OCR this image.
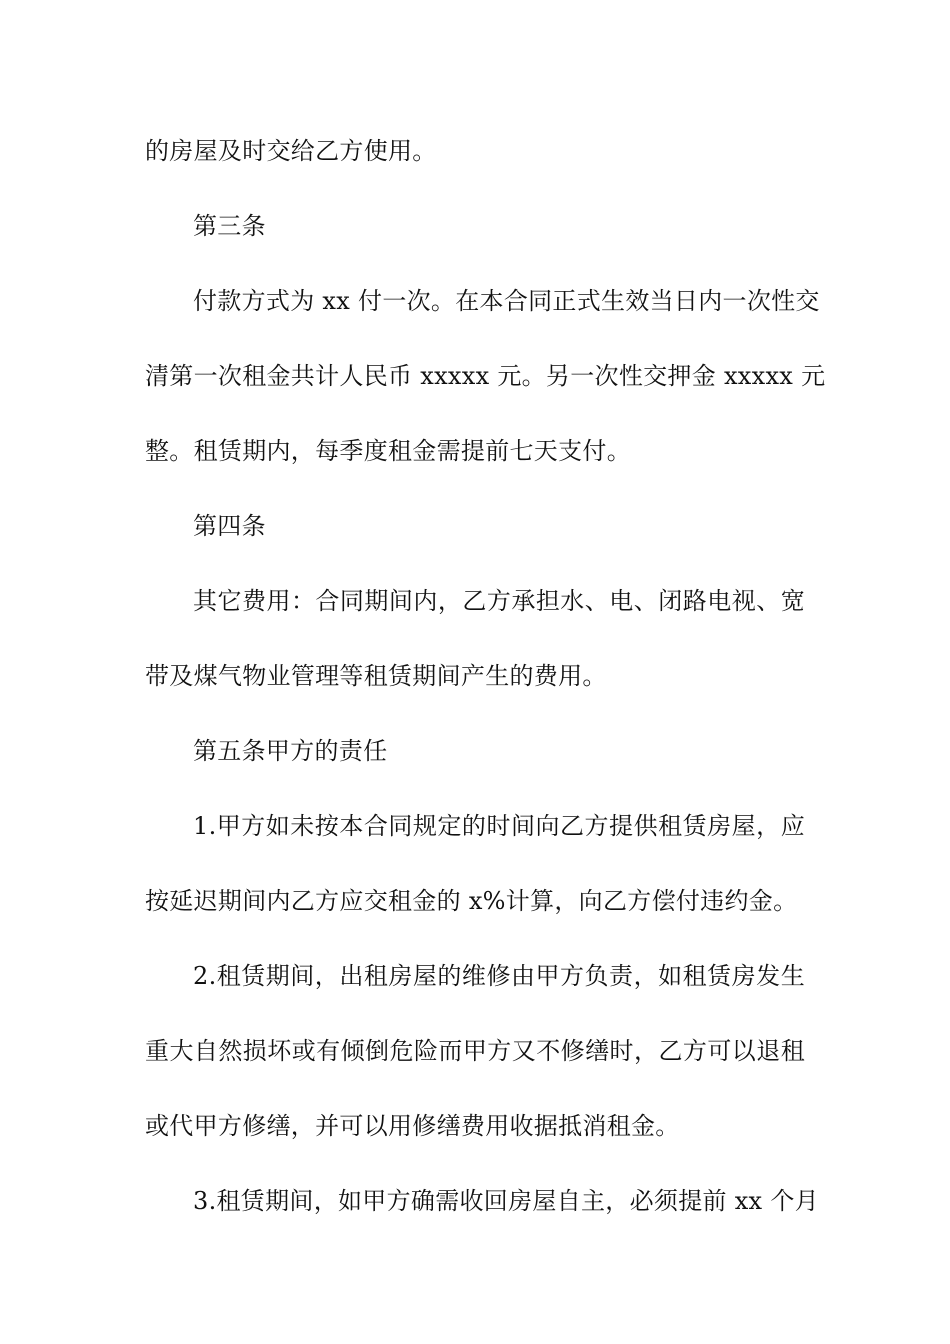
的房屋及时交给乙方使用。
第三条
付款方式为 xx 付一次。在本合同正式生效当日内一次性交
清第一次租金共计人民币 xxxxx 元。另一次性交押金 xxxxx 元
整。租赁期内，每季度租金需提前七天支付。
第四条
其它费用：合同期间内，乙方承担水、电、闭路电视、宽
带及煤气物业管理等租赁期间产生的费用。
第五条甲方的责任
1.甲方如未按本合同规定的时间向乙方提供租赁房屋，应
按延迟期间内乙方应交租金的 x%计算，向乙方偿付违约金。
2.租赁期间，出租房屋的维修由甲方负责，如租赁房发生
重大自然损坏或有倾倒危险而甲方又不修缮时，乙方可以退租
或代甲方修缮，并可以用修缮费用收据抵消租金。
3.租赁期间，如甲方确需收回房屋自主，必须提前 xx 个月
